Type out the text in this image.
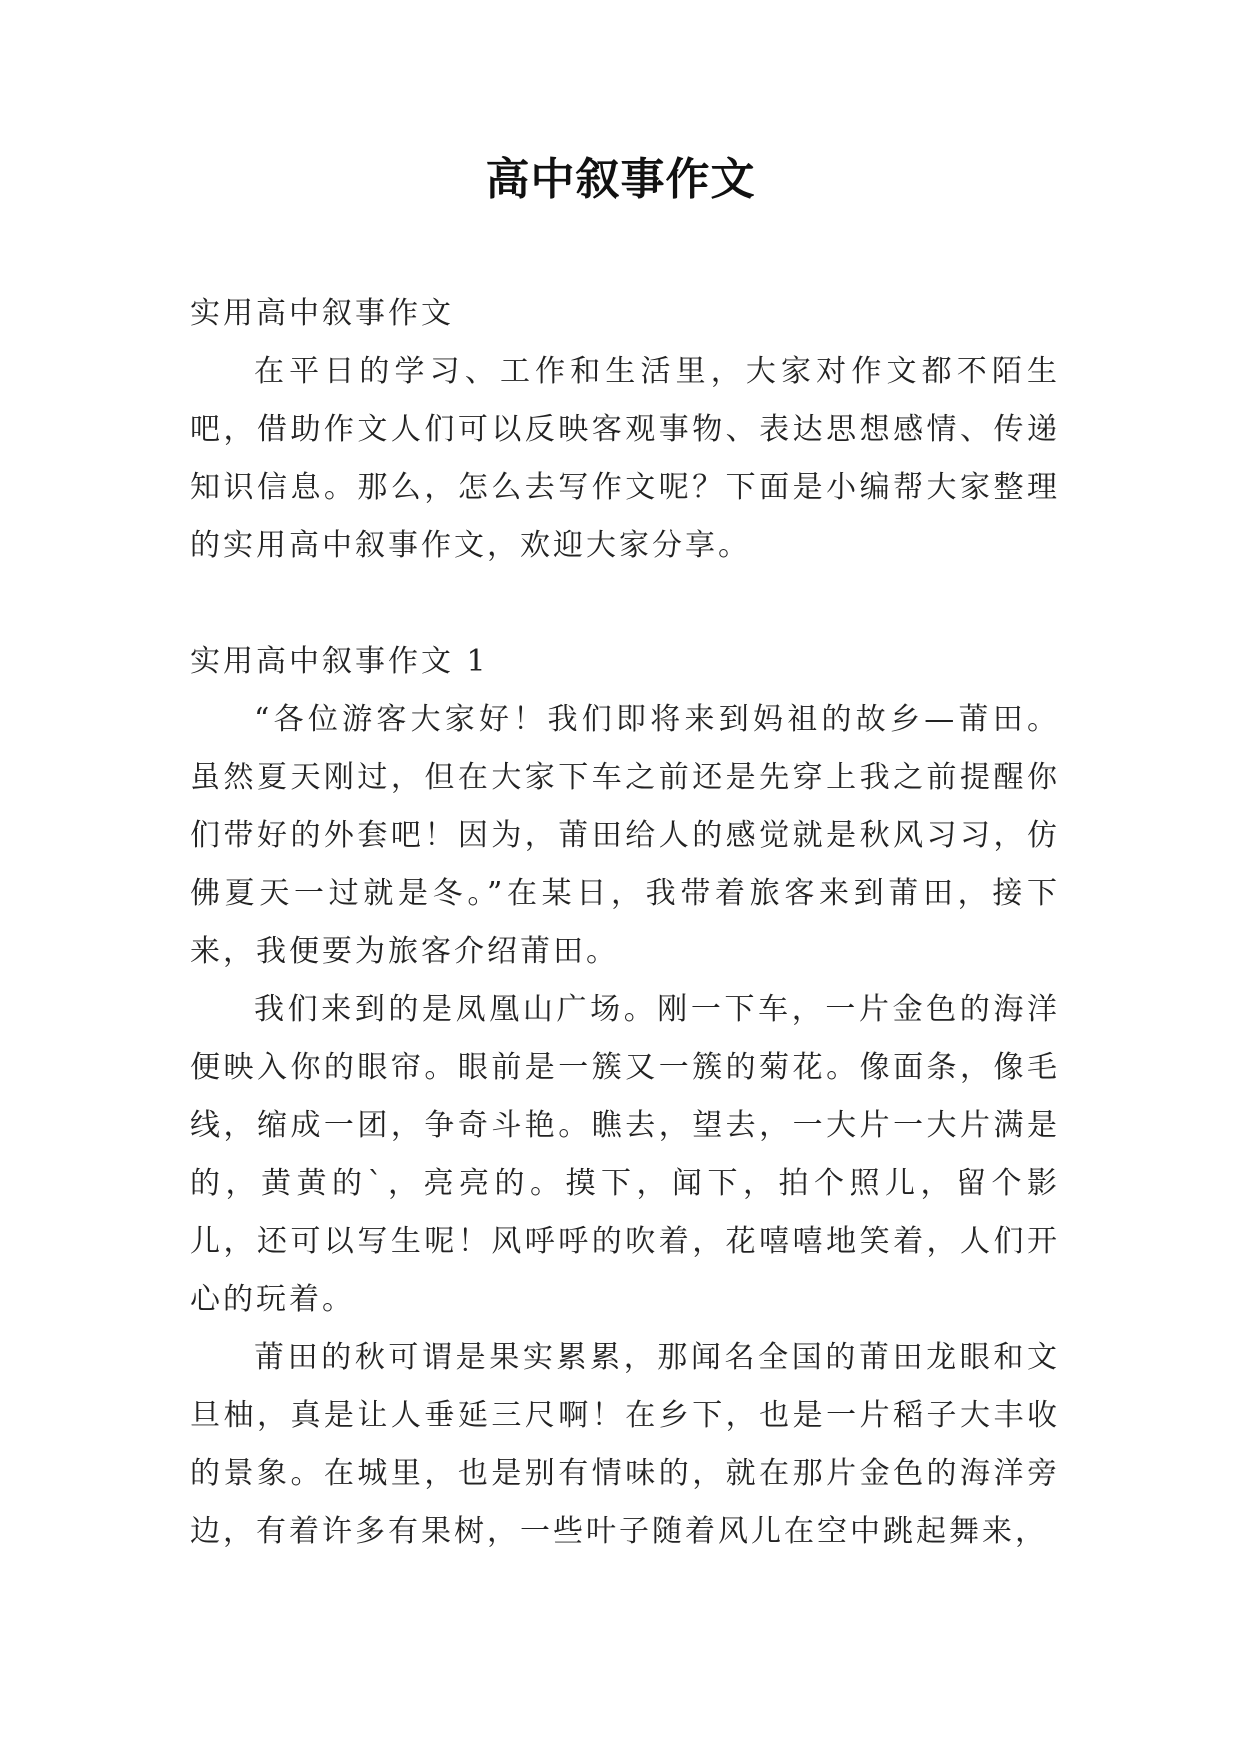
高中叙事作文

实用高中叙事作文

在平日的学习、工作和生活里，大家对作文都不陌生吧，借助作文人们可以反映客观事物、表达思想感情、传递知识信息。那么，怎么去写作文呢？下面是小编帮大家整理的实用高中叙事作文，欢迎大家分享。

实用高中叙事作文 1

“各位游客大家好！我们即将来到妈祖的故乡—莆田。虽然夏天刚过，但在大家下车之前还是先穿上我之前提醒你们带好的外套吧！因为，莆田给人的感觉就是秋风习习，仿佛夏天一过就是冬。”在某日，我带着旅客来到莆田，接下来，我便要为旅客介绍莆田。

我们来到的是凤凰山广场。刚一下车，一片金色的海洋便映入你的眼帘。眼前是一簇又一簇的菊花。像面条，像毛线，缩成一团，争奇斗艳。瞧去，望去，一大片一大片满是的，黄黄的`，亮亮的。摸下，闻下，拍个照儿，留个影儿，还可以写生呢！风呼呼的吹着，花嘻嘻地笑着，人们开心的玩着。

莆田的秋可谓是果实累累，那闻名全国的莆田龙眼和文旦柚，真是让人垂延三尺啊！在乡下，也是一片稻子大丰收的景象。在城里，也是别有情味的，就在那片金色的海洋旁边，有着许多有果树，一些叶子随着风儿在空中跳起舞来，
